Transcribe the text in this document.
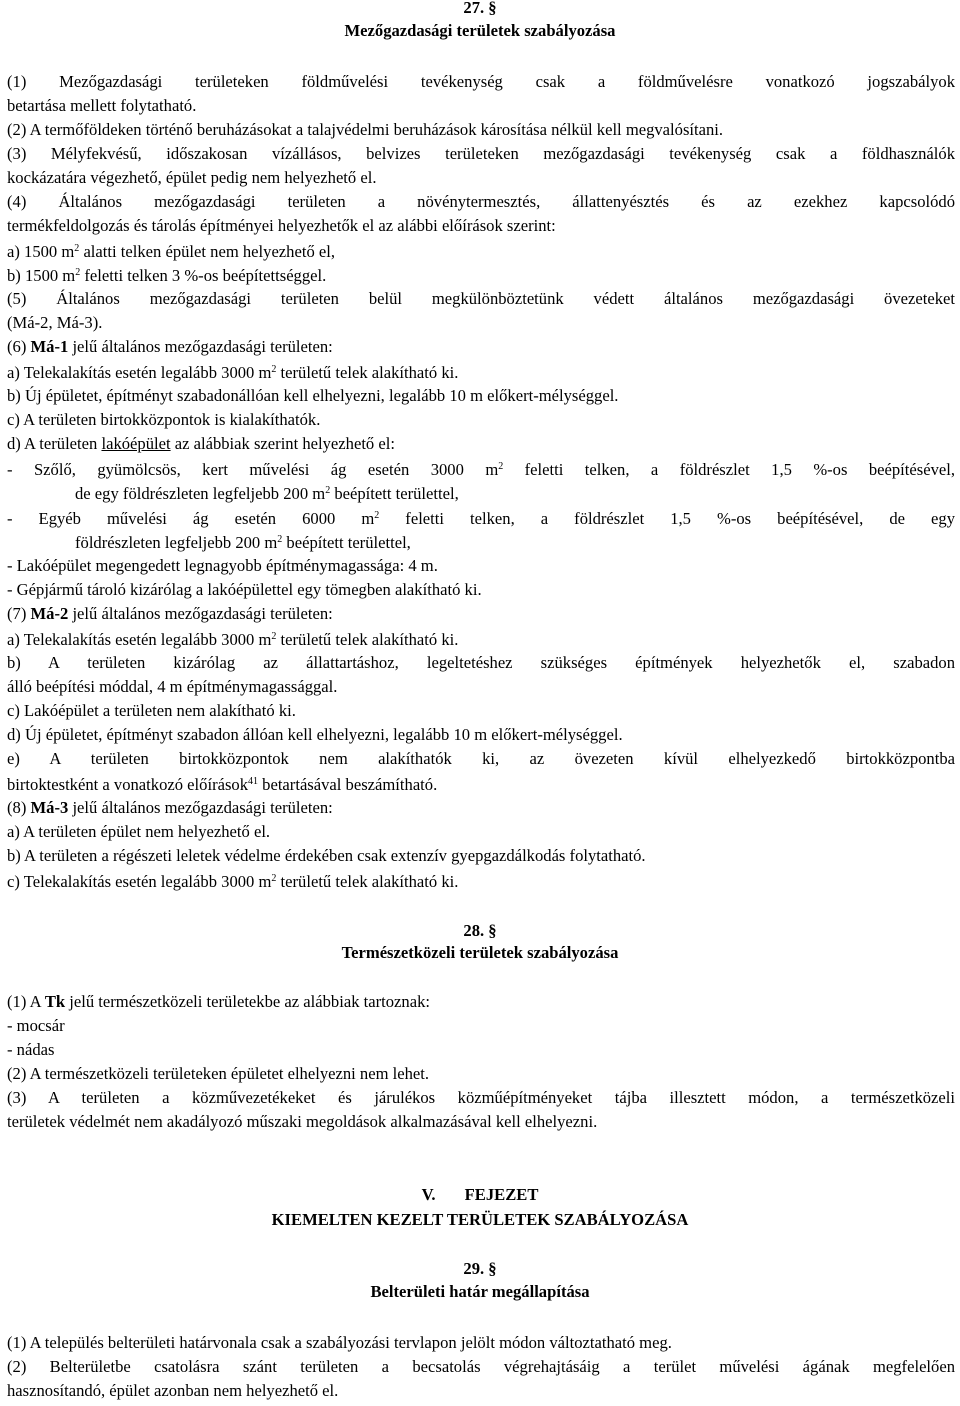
27. §
Mezőgazdasági területek szabályozása
(1) Mezőgazdasági területeken földművelési tevékenység csak a földművelésre vonatkozó jogszabályok
betartása mellett folytatható.
(2) A termőföldeken történő beruházásokat a talajvédelmi beruházások károsítása nélkül kell megvalósítani.
(3) Mélyfekvésű, időszakosan vízállásos, belvizes területeken mezőgazdasági tevékenység csak a földhasználók
kockázatára végezhető, épület pedig nem helyezhető el.
(4) Általános mezőgazdasági területen a növénytermesztés, állattenyésztés és az ezekhez kapcsolódó
termékfeldolgozás és tárolás építményei helyezhetők el az alábbi előírások szerint:
a) 1500 $m^2$ alatti telken épület nem helyezhető el,
b) 1500 $m^2$ feletti telken 3 %-os beépítettséggel.
(5) Általános mezőgazdasági területen belül megkülönböztetünk védett általános mezőgazdasági övezeteket
(Má-2, Má-3).
(6) Má-1 jelű általános mezőgazdasági területen:
a) Telekalakítás esetén legalább 3000 $m^2$ területű telek alakítható ki.
b) Új épületet, építményt szabadonállóan kell elhelyezni, legalább 10 m előkert-mélységgel.
c) A területen birtokközpontok is kialakíthatók.
d) A területen lakóépület az alábbiak szerint helyezhető el:
- Szőlő, gyümölcsös, kert művelési ág esetén 3000 $m^2$ feletti telken, a földrészlet 1,5 %-os beépítésével,
de egy földrészleten legfeljebb 200 $m^2$ beépített területtel,
- Egyéb művelési ág esetén 6000 $m^2$ feletti telken, a földrészlet 1,5 %-os beépítésével, de egy
földrészleten legfeljebb 200 $m^2$ beépített területtel,
- Lakóépület megengedett legnagyobb építménymagassága: 4 m.
- Gépjármű tároló kizárólag a lakóépülettel egy tömegben alakítható ki.
(7) Má-2 jelű általános mezőgazdasági területen:
a) Telekalakítás esetén legalább 3000 $m^2$ területű telek alakítható ki.
b) A területen kizárólag az állattartáshoz, legeltetéshez szükséges építmények helyezhetők el, szabadon
álló beépítési móddal, 4 m építménymagassággal.
c) Lakóépület a területen nem alakítható ki.
d) Új épületet, építményt szabadon állóan kell elhelyezni, legalább 10 m előkert-mélységgel.
e) A területen birtokközpontok nem alakíthatók ki, az övezeten kívül elhelyezkedő birtokközpontba
birtoktestként a vonatkozó előírások$^{41}$ betartásával beszámítható.
(8) Má-3 jelű általános mezőgazdasági területen:
a) A területen épület nem helyezhető el.
b) A területen a régészeti leletek védelme érdekében csak extenzív gyepgazdálkodás folytatható.
c) Telekalakítás esetén legalább 3000 $m^2$ területű telek alakítható ki.
28. §
Természetközeli területek szabályozása
(1) A Tk jelű természetközeli területekbe az alábbiak tartoznak:
- mocsár
- nádas
(2) A természetközeli területeken épületet elhelyezni nem lehet.
(3) A területen a közművezetékeket és járulékos közműépítményeket tájba illesztett módon, a természetközeli
területek védelmét nem akadályozó műszaki megoldások alkalmazásával kell elhelyezni.
V.       FEJEZET
KIEMELTEN KEZELT TERÜLETEK SZABÁLYOZÁSA
29. §
Belterületi határ megállapítása
(1) A település belterületi határvonala csak a szabályozási tervlapon jelölt módon változtatható meg.
(2) Belterületbe csatolásra szánt területen a becsatolás végrehajtásáig a terület művelési ágának megfelelően
hasznosítandó, épület azonban nem helyezhető el.
